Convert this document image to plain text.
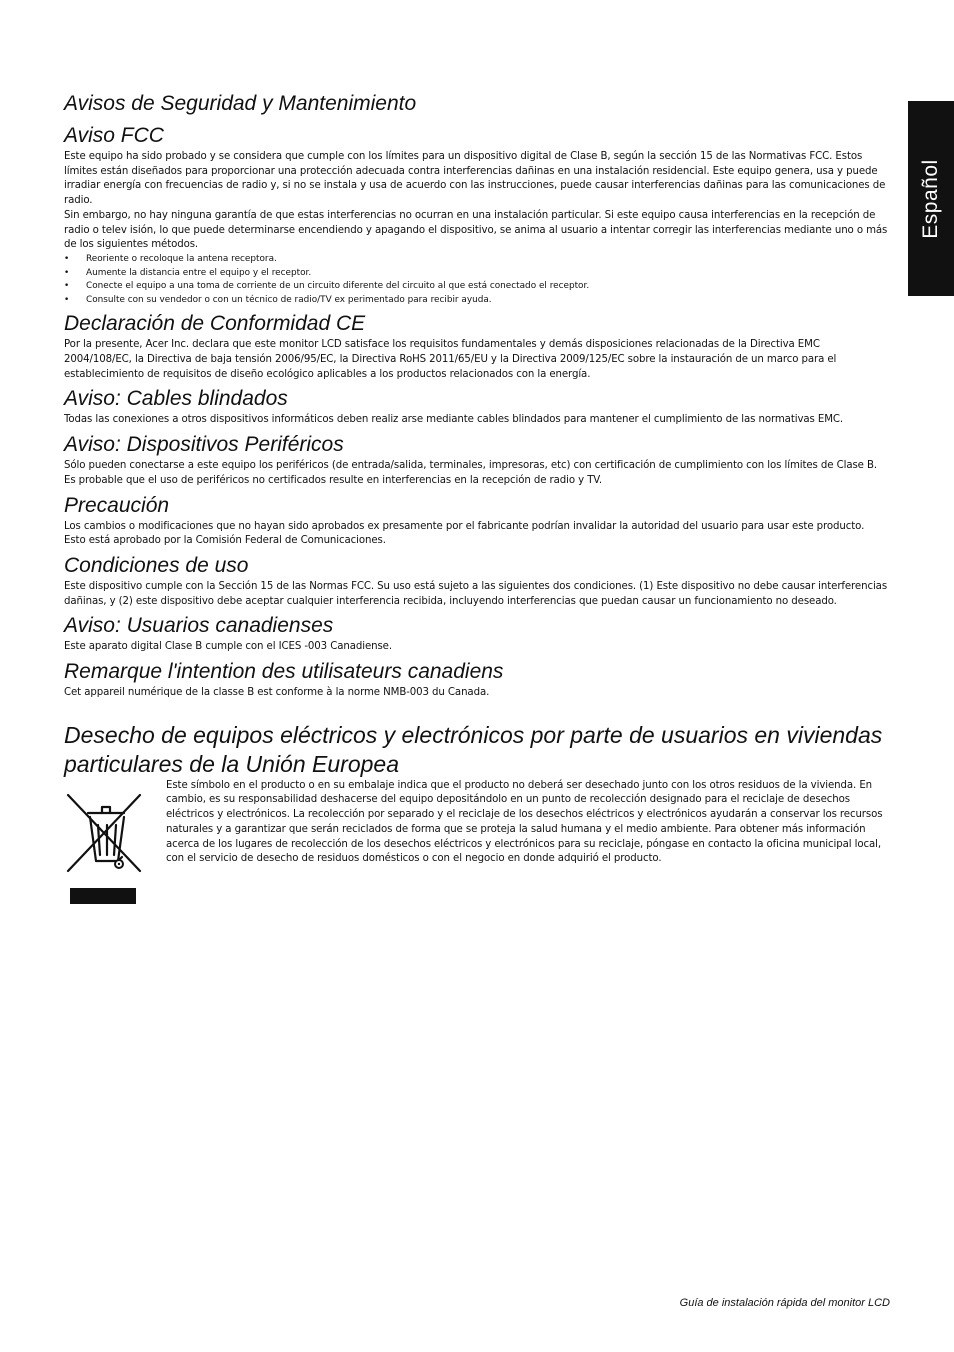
Español
Avisos de Seguridad y Mantenimiento
Aviso FCC

Este equipo ha sido probado y se considera que cumple con los límites para un dispositivo digital de Clase B, según la sección 15 de las Normativas FCC. Estos límites están diseñados para proporcionar una protección adecuada contra interferencias dañinas en una instalación residencial. Este equipo genera, usa y puede irradiar energía con frecuencias de radio y, si no se instala y usa de acuerdo con las instrucciones, puede causar interferencias dañinas para las comunicaciones de radio.

Sin embargo, no hay ninguna garantía de que estas interferencias no ocurran en una instalación particular. Si este equipo causa interferencias en la recepción de radio o telev isión, lo que puede determinarse encendiendo y apagando el dispositivo, se anima al usuario a intentar corregir las interferencias mediante uno o más de los siguientes métodos.

• Reoriente o recoloque la antena receptora.
• Aumente la distancia entre el equipo y el receptor.
• Conecte el equipo a una toma de corriente de un circuito diferente del circuito al que está conectado el receptor.
• Consulte con su vendedor o con un técnico de radio/TV ex perimentado para recibir ayuda.
Declaración de Conformidad CE

Por la presente, Acer Inc. declara que este monitor LCD satisface los requisitos fundamentales y demás disposiciones relacionadas de la Directiva EMC 2004/108/EC, la Directiva de baja tensión 2006/95/EC, la Directiva RoHS 2011/65/EU y la Directiva 2009/125/EC sobre la instauración de un marco para el establecimiento de requisitos de diseño ecológico aplicables a los productos relacionados con la energía.

Aviso: Cables blindados

Todas las conexiones a otros dispositivos informáticos deben realiz arse mediante cables blindados para mantener el cumplimiento de las normativas EMC.

Aviso: Dispositivos Periféricos

Sólo pueden conectarse a este equipo los periféricos (de entrada/salida, terminales, impresoras, etc) con certificación de cumplimiento con los límites de Clase B. Es probable que el uso de periféricos no certificados resulte en interferencias en la recepción de radio y TV.

Precaución

Los cambios o modificaciones que no hayan sido aprobados ex presamente por el fabricante podrían invalidar la autoridad del usuario para usar este producto. Esto está aprobado por la Comisión Federal de Comunicaciones.

Condiciones de uso

Este dispositivo cumple con la Sección 15 de las Normas FCC. Su uso está sujeto a las siguientes dos condiciones. (1) Este dispositivo no debe causar interferencias dañinas, y (2) este dispositivo debe aceptar cualquier interferencia recibida, incluyendo interferencias que puedan causar un funcionamiento no deseado.

Aviso: Usuarios canadienses

Este aparato digital Clase B cumple con el ICES -003 Canadiense.

Remarque l'intention des utilisateurs canadiens

Cet appareil numérique de la classe B est conforme à la norme NMB-003 du Canada.

Desecho de equipos eléctricos y electrónicos por parte de usuarios en viviendas particulares de la Unión Europea

Este símbolo en el producto o en su embalaje indica que el producto no deberá ser desechado junto con los otros residuos de la vivienda. En cambio, es su responsabilidad deshacerse del equipo depositándolo en un punto de recolección designado para el reciclaje de desechos eléctricos y electrónicos. La recolección por separado y el reciclaje de los desechos eléctricos y electrónicos ayudarán a conservar los recursos naturales y a garantizar que serán reciclados de forma que se proteja la salud humana y el medio ambiente. Para obtener más información acerca de los lugares de recolección de los desechos eléctricos y electrónicos para su reciclaje, póngase en contacto la oficina municipal local, con el servicio de desecho de residuos domésticos o con el negocio en donde adquirió el producto.

Guía de instalación rápida del monitor LCD
